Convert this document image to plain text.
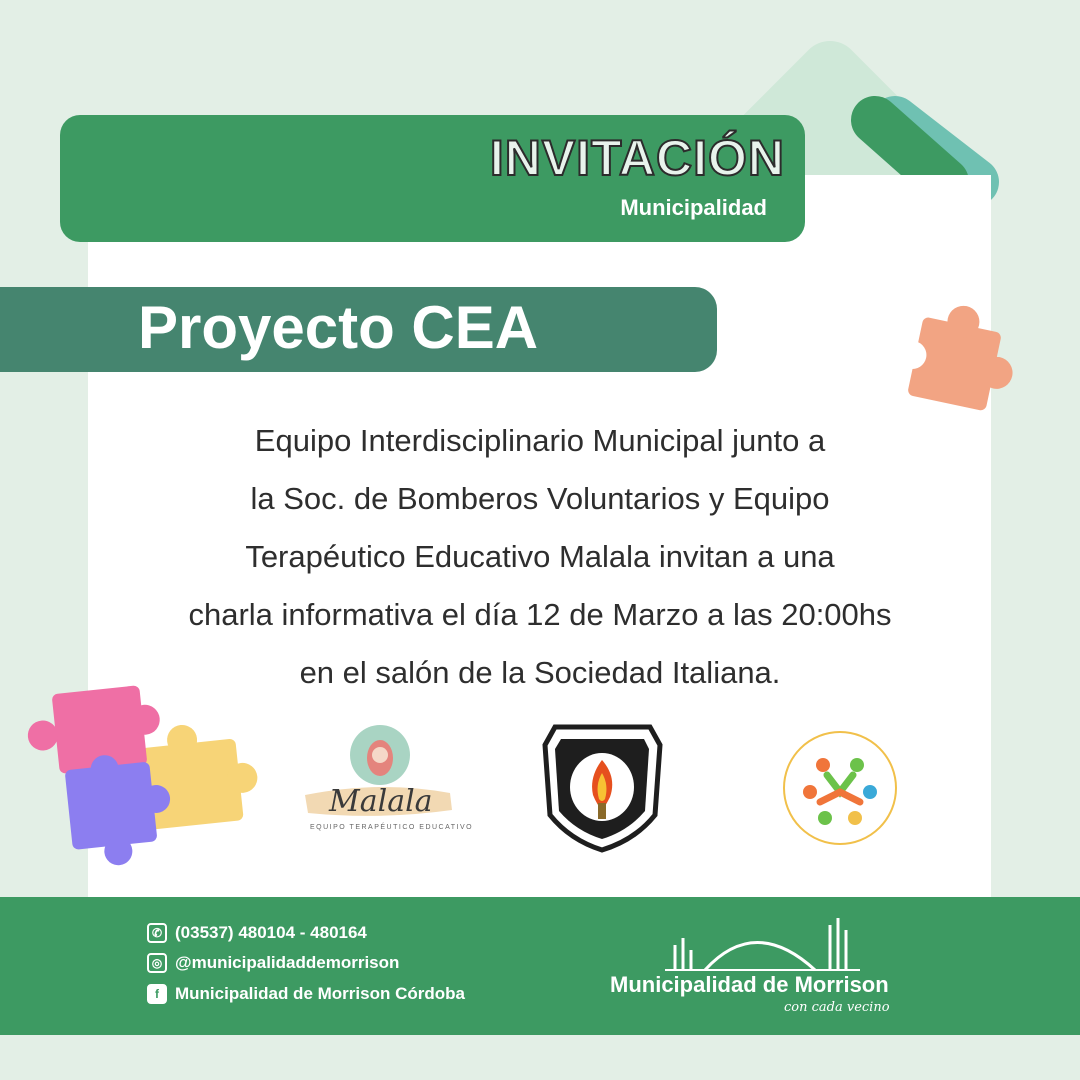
INVITACIÓN
Municipalidad
Proyecto CEA
Equipo Interdisciplinario Municipal junto a
la Soc. de Bomberos Voluntarios y Equipo
Terapéutico Educativo Malala invitan a una
charla informativa el día 12 de Marzo a las 20:00hs
en el salón de la Sociedad Italiana.
Malala
EQUIPO TERAPÉUTICO EDUCATIVO
✆ (03537) 480104 - 480164
◎ @municipalidaddemorrison
f Municipalidad de Morrison Córdoba	Municipalidad de Morrison
con cada vecino
